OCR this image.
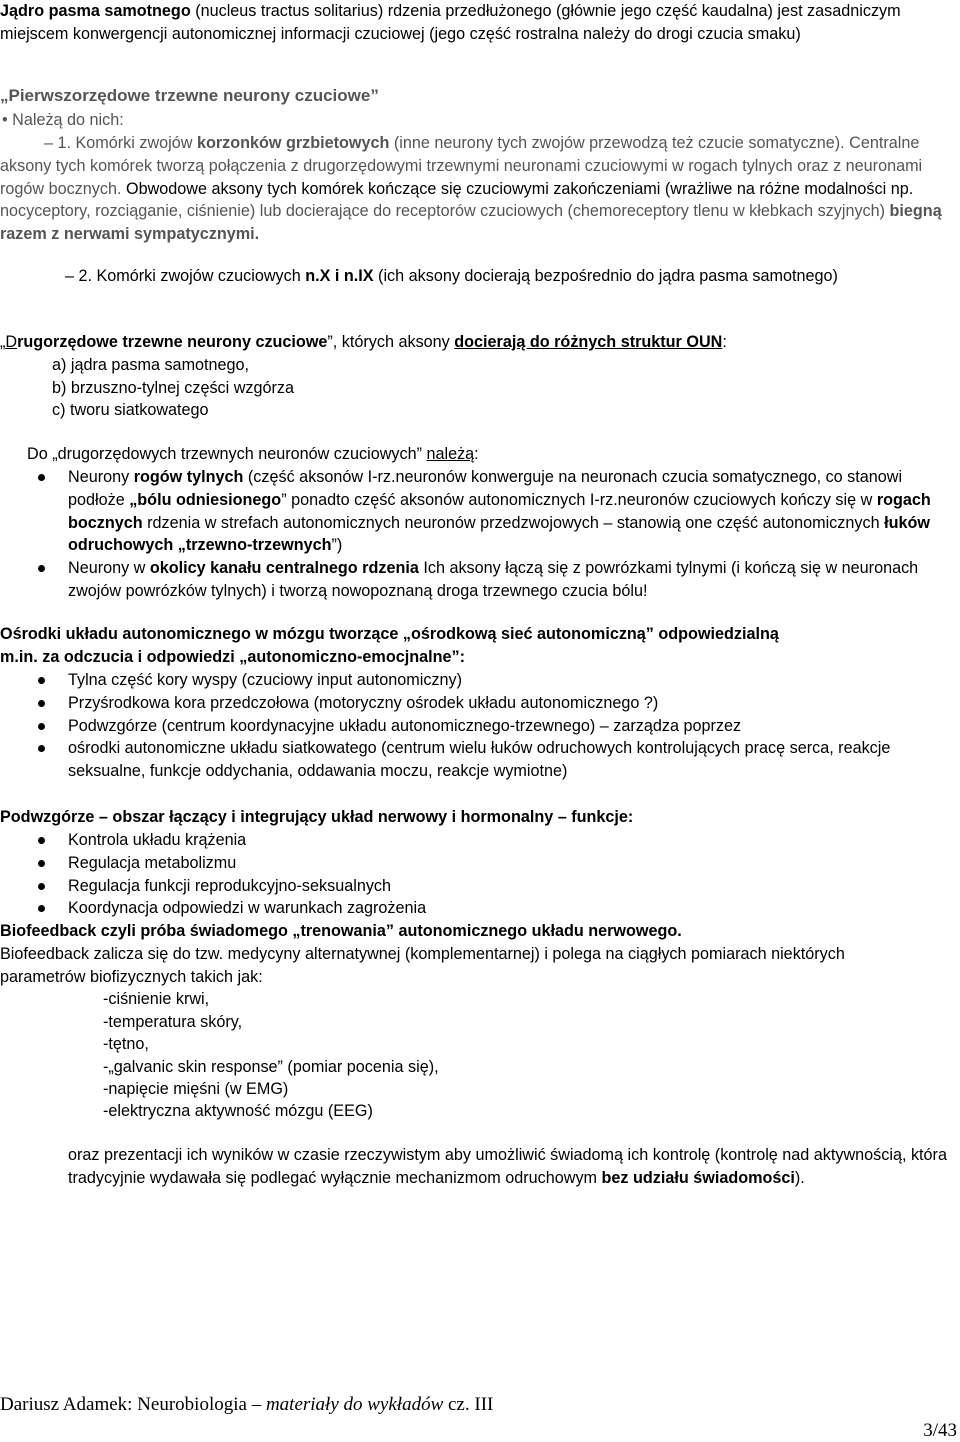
Jądro pasma samotnego (nucleus tractus solitarius) rdzenia przedłużonego (głównie jego część kaudalna) jest zasadniczym miejscem konwergencji autonomicznej informacji czuciowej (jego część rostralna należy do drogi czucia smaku)

„Pierwszorzędowe trzewne neurony czuciowe”
• Należą do nich:

– 1. Komórki zwojów korzonków grzbietowych (inne neurony tych zwojów przewodzą też czucie somatyczne). Centralne aksony tych komórek tworzą połączenia z drugorzędowymi trzewnymi neuronami czuciowymi w rogach tylnych oraz z neuronami rogów bocznych. Obwodowe aksony tych komórek kończące się czuciowymi zakończeniami (wrażliwe na różne modalności np. nocyceptory, rozciąganie, ciśnienie) lub docierające do receptorów czuciowych (chemoreceptory tlenu w kłebkach szyjnych) biegną razem z nerwami sympatycznymi.

– 2. Komórki zwojów czuciowych n.X i n.IX (ich aksony docierają bezpośrednio do jądra pasma samotnego)

„Drugorzędowe trzewne neurony czuciowe”, których aksony docierają do różnych struktur OUN:

a) jądra pasma samotnego,
b) brzuszno-tylnej części wzgórza
c) tworu siatkowatego

Do „drugorzędowych trzewnych neuronów czuciowych” należą:

Neurony rogów tylnych (część aksonów I-rz.neuronów konwerguje na neuronach czucia somatycznego, co stanowi podłoże „bólu odniesionego” ponadto część aksonów autonomicznych I-rz.neuronów czuciowych kończy się w rogach bocznych rdzenia w strefach autonomicznych neuronów przedzwojowych – stanowią one część autonomicznych łuków odruchowych „trzewno-trzewnych”)

Neurony w okolicy kanału centralnego rdzenia Ich aksony łączą się z powrózkami tylnymi (i kończą się w neuronach zwojów powrózków tylnych) i tworzą nowopoznaną droga trzewnego czucia bólu!

Ośrodki układu autonomicznego w mózgu tworzące „ośrodkową sieć autonomiczną” odpowiedzialną m.in. za odczucia i odpowiedzi „autonomiczno-emocjnalne”:

• Tylna część kory wyspy (czuciowy input autonomiczny)
• Przyśrodkowa kora przedczołowa (motoryczny ośrodek układu autonomicznego ?)
• Podwzgórze (centrum koordynacyjne układu autonomicznego-trzewnego) – zarządza poprzez
• ośrodki autonomiczne układu siatkowatego (centrum wielu łuków odruchowych kontrolujących pracę serca, reakcje seksualne, funkcje oddychania, oddawania moczu, reakcje wymiotne)

Podwzgórze – obszar łączący i integrujący układ nerwowy i hormonalny – funkcje:

• Kontrola układu krążenia
• Regulacja metabolizmu
• Regulacja funkcji reprodukcyjno-seksualnych
• Koordynacja odpowiedzi w warunkach zagrożenia

Biofeedback czyli próba świadomego „trenowania” autonomicznego układu nerwowego.

Biofeedback zalicza się do tzw. medycyny alternatywnej (komplementarnej) i polega na ciągłych pomiarach niektórych parametrów biofizycznych takich jak:

-ciśnienie krwi,
-temperatura skóry,
-tętno,
-„galvanic skin response” (pomiar pocenia się),
-napięcie mięśni (w EMG)
-elektryczna aktywność mózgu (EEG)

oraz prezentacji ich wyników w czasie rzeczywistym aby umożliwić świadomą ich kontrolę (kontrolę nad aktywnością, która tradycyjnie wydawała się podlegać wyłącznie mechanizmom odruchowym bez udziału świadomości).

Dariusz Adamek: Neurobiologia – materiały do wykładów cz. III
3/43
